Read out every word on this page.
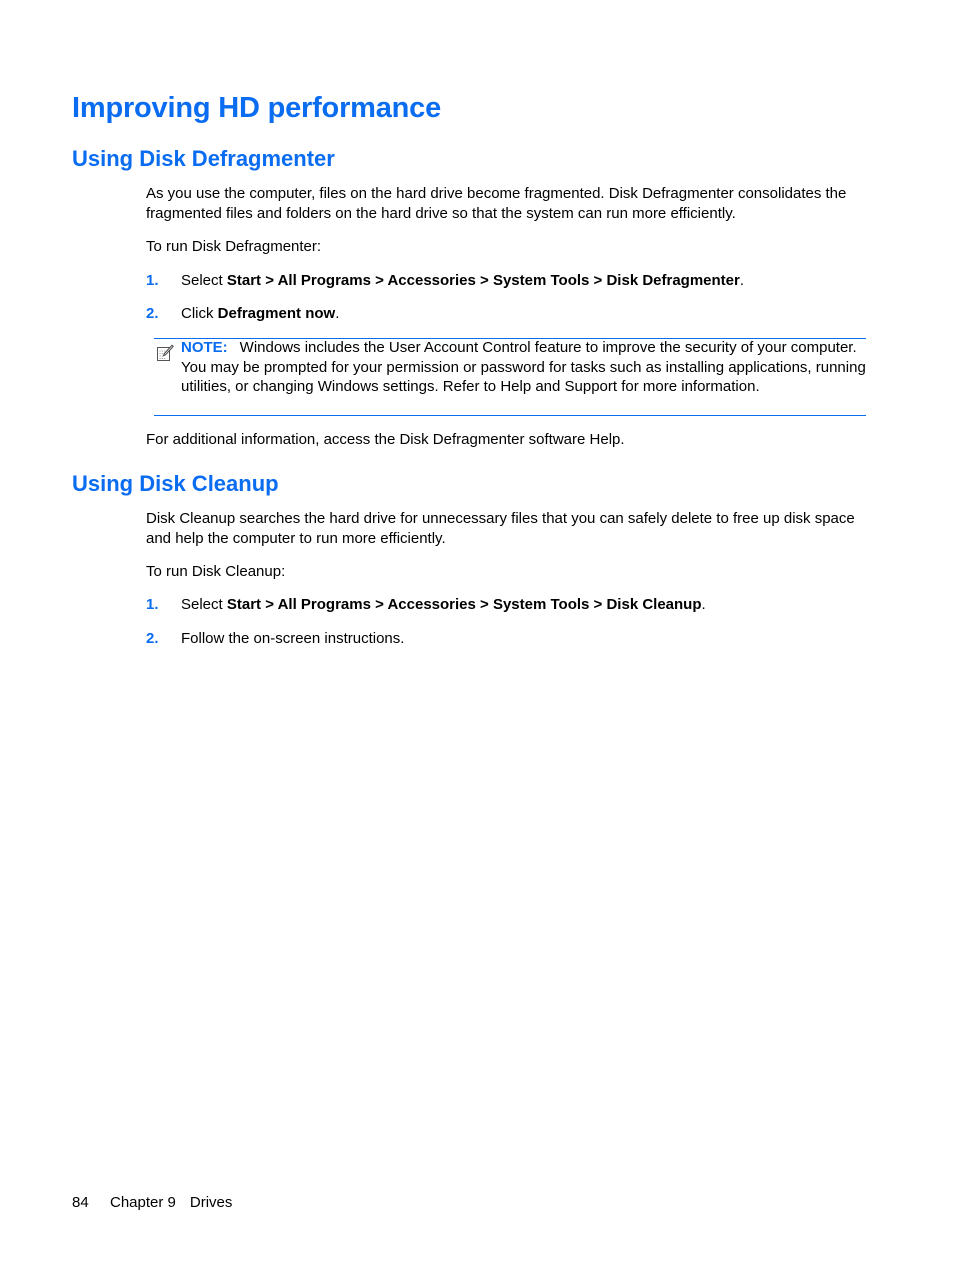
Improving HD performance
Using Disk Defragmenter

As you use the computer, files on the hard drive become fragmented. Disk Defragmenter consolidates the fragmented files and folders on the hard drive so that the system can run more efficiently.

To run Disk Defragmenter:

1. Select Start > All Programs > Accessories > System Tools > Disk Defragmenter.
2. Click Defragment now.
NOTE: Windows includes the User Account Control feature to improve the security of your computer. You may be prompted for your permission or password for tasks such as installing applications, running utilities, or changing Windows settings. Refer to Help and Support for more information.

For additional information, access the Disk Defragmenter software Help.

Using Disk Cleanup

Disk Cleanup searches the hard drive for unnecessary files that you can safely delete to free up disk space and help the computer to run more efficiently.

To run Disk Cleanup:

1. Select Start > All Programs > Accessories > System Tools > Disk Cleanup.
2. Follow the on-screen instructions.
84 Chapter 9 Drives
